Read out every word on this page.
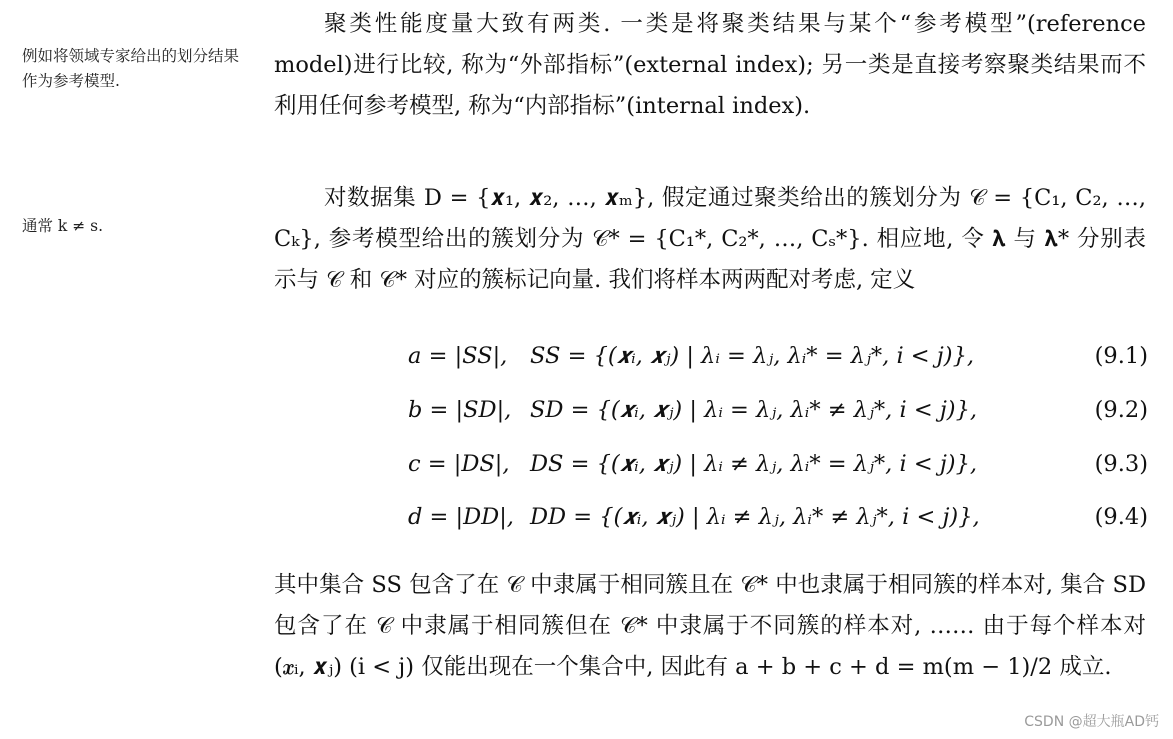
例如将领域专家给出的划分结果作为参考模型.
通常 k ≠ s.

聚类性能度量大致有两类. 一类是将聚类结果与某个“参考模型”(reference model)进行比较, 称为“外部指标”(external index); 另一类是直接考察聚类结果而不利用任何参考模型, 称为“内部指标”(internal index).

对数据集 D = {𝒙₁, 𝒙₂, …, 𝒙ₘ}, 假定通过聚类给出的簇划分为 𝒞 = {C₁, C₂, …, Cₖ}, 参考模型给出的簇划分为 𝒞* = {C₁*, C₂*, …, Cₛ*}. 相应地, 令 𝛌 与 𝛌* 分别表示与 𝒞 和 𝒞* 对应的簇标记向量. 我们将样本两两配对考虑, 定义

a = |SS|,	SS = {(𝒙ᵢ, 𝒙ⱼ) | λᵢ = λⱼ, λᵢ* = λⱼ*, i < j)},	(9.1)
b = |SD|, SD = {(𝒙ᵢ, 𝒙ⱼ) | λᵢ = λⱼ, λᵢ* ≠ λⱼ*, i < j)},	(9.2)
c = |DS|, DS = {(𝒙ᵢ, 𝒙ⱼ) | λᵢ ≠ λⱼ, λᵢ* = λⱼ*, i < j)},	(9.3)
d = |DD|, DD = {(𝒙ᵢ, 𝒙ⱼ) | λᵢ ≠ λⱼ, λᵢ* ≠ λⱼ*, i < j)},	(9.4)

其中集合 SS 包含了在 𝒞 中隶属于相同簇且在 𝒞* 中也隶属于相同簇的样本对, 集合 SD 包含了在 𝒞 中隶属于相同簇但在 𝒞* 中隶属于不同簇的样本对, …… 由于每个样本对 (𝒙ᵢ, 𝒙ⱼ) (i < j) 仅能出现在一个集合中, 因此有 a + b + c + d = m(m − 1)/2 成立.

CSDN @超大瓶AD钙
